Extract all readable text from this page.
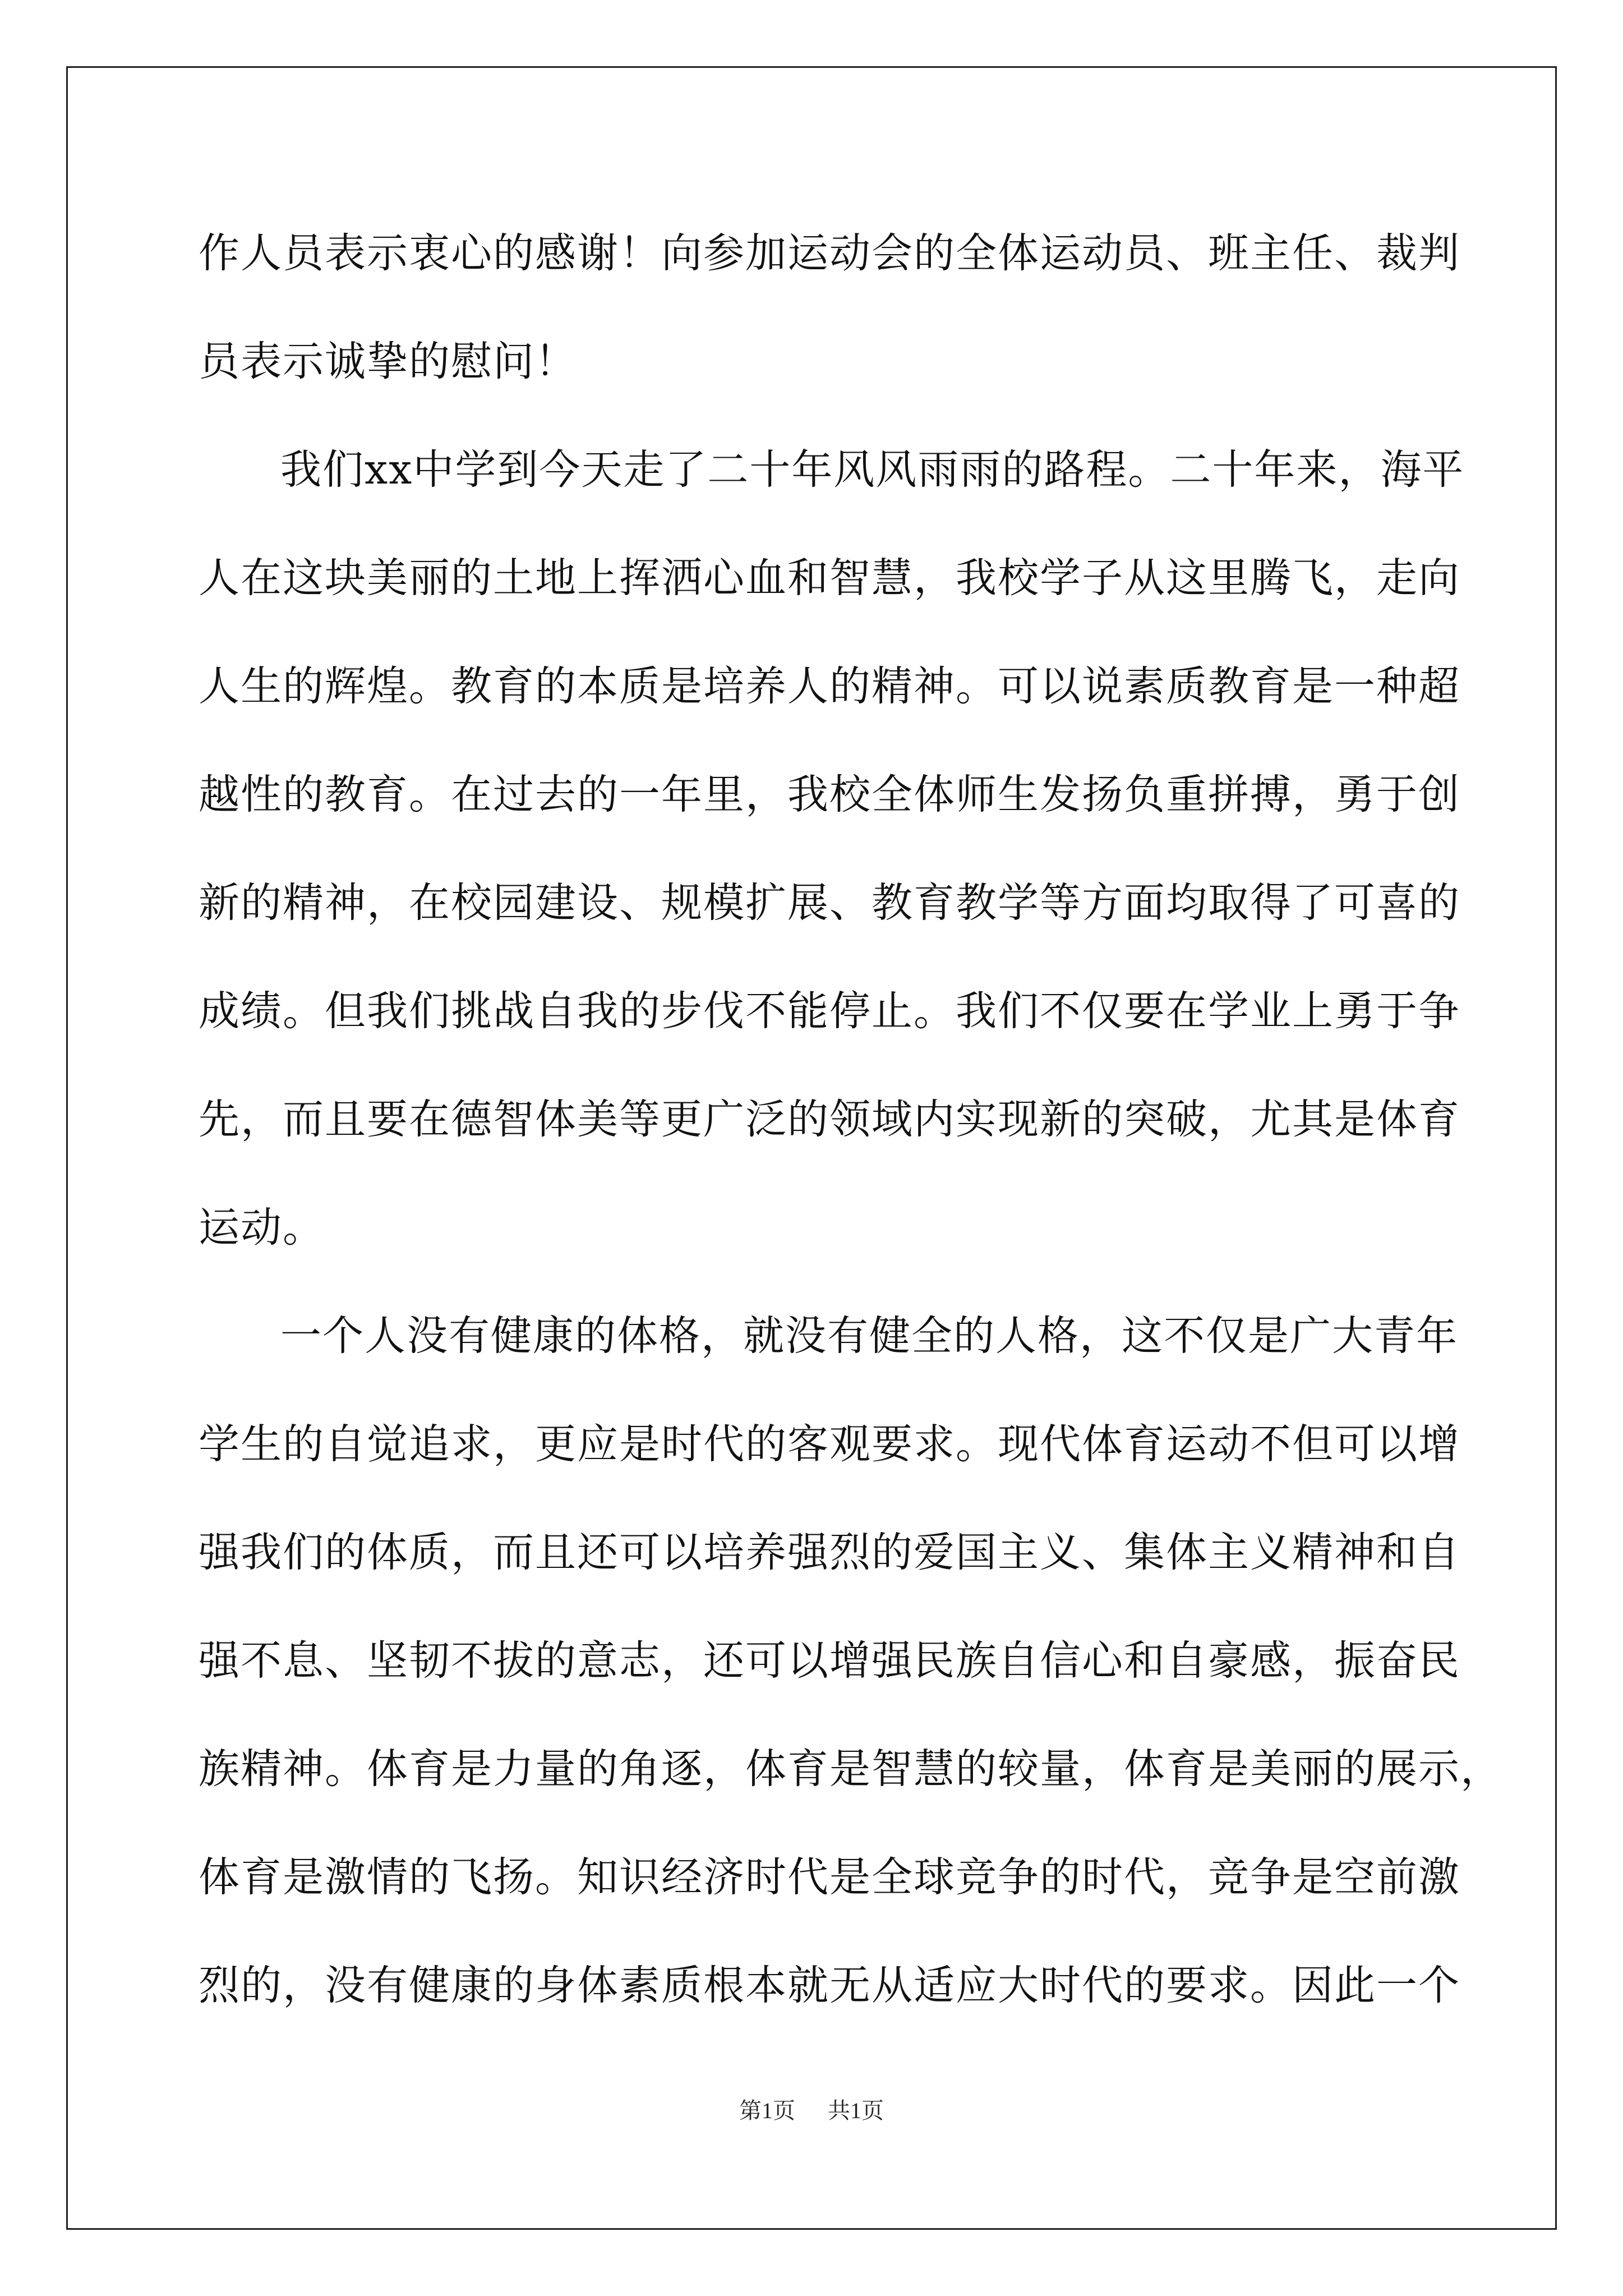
作人员表示衷心的感谢！向参加运动会的全体运动员、班主任、裁判
员表示诚挚的慰问！
我们xx中学到今天走了二十年风风雨雨的路程。二十年来，海平
人在这块美丽的土地上挥洒心血和智慧，我校学子从这里腾飞，走向
人生的辉煌。教育的本质是培养人的精神。可以说素质教育是一种超
越性的教育。在过去的一年里，我校全体师生发扬负重拼搏，勇于创
新的精神，在校园建设、规模扩展、教育教学等方面均取得了可喜的
成绩。但我们挑战自我的步伐不能停止。我们不仅要在学业上勇于争
先，而且要在德智体美等更广泛的领域内实现新的突破，尤其是体育
运动。
一个人没有健康的体格，就没有健全的人格，这不仅是广大青年
学生的自觉追求，更应是时代的客观要求。现代体育运动不但可以增
强我们的体质，而且还可以培养强烈的爱国主义、集体主义精神和自
强不息、坚韧不拔的意志，还可以增强民族自信心和自豪感，振奋民
族精神。体育是力量的角逐，体育是智慧的较量，体育是美丽的展示，
体育是激情的飞扬。知识经济时代是全球竞争的时代，竞争是空前激
烈的，没有健康的身体素质根本就无从适应大时代的要求。因此一个
第1页 共1页
